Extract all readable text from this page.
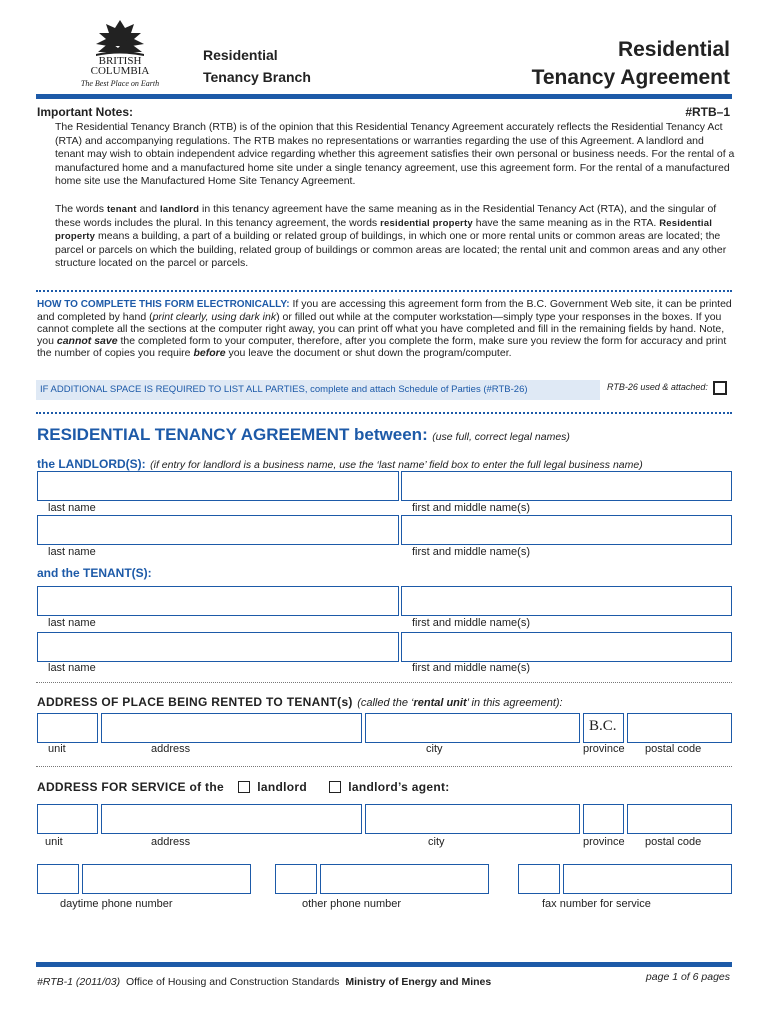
BRITISH
COLUMBIA
The Best Place on Earth
Residential
Tenancy Branch
Residential
Tenancy Agreement
Important Notes:	#RTB–1
The Residential Tenancy Branch (RTB) is of the opinion that this Residential Tenancy Agreement accurately reflects the Residential Tenancy Act (RTA) and accompanying regulations. The RTB makes no representations or warranties regarding the use of this Agreement. A landlord and tenant may wish to obtain independent advice regarding whether this agreement satisfies their own personal or business needs. For the rental of a manufactured home and a manufactured home site under a single tenancy agreement, use this agreement form. For the rental of a manufactured home site use the Manufactured Home Site Tenancy Agreement.
The words tenant and landlord in this tenancy agreement have the same meaning as in the Residential Tenancy Act (RTA), and the singular of these words includes the plural. In this tenancy agreement, the words residential property have the same meaning as in the RTA. Residential property means a building, a part of a building or related group of buildings, in which one or more rental units or common areas are located; the parcel or parcels on which the building, related group of buildings or common areas are located; the rental unit and common areas and any other structure located on the parcel or parcels.
HOW TO COMPLETE THIS FORM ELECTRONICALLY: If you are accessing this agreement form from the B.C. Government Web site, it can be printed and completed by hand (print clearly, using dark ink) or filled out while at the computer workstation—simply type your responses in the boxes. If you cannot complete all the sections at the computer right away, you can print off what you have completed and fill in the remaining fields by hand. Note, you cannot save the completed form to your computer, therefore, after you complete the form, make sure you review the form for accuracy and print the number of copies you require before you leave the document or shut down the program/computer.
IF ADDITIONAL SPACE IS REQUIRED TO LIST ALL PARTIES, complete and attach Schedule of Parties (#RTB-26)	RTB-26 used & attached:
RESIDENTIAL TENANCY AGREEMENT between: (use full, correct legal names)
the LANDLORD(S): (if entry for landlord is a business name, use the ‘last name’ field box to enter the full legal business name)
last name	first and middle name(s)
last name	first and middle name(s)
and the TENANT(S):
last name	first and middle name(s)
last name	first and middle name(s)
ADDRESS OF PLACE BEING RENTED TO TENANT(s) (called the ‘rental unit’ in this agreement):
B.C.
unit	address	city	province postal code
ADDRESS FOR SERVICE of the	landlord	landlord’s agent:
unit	address	city	province postal code
daytime phone number	other phone number	fax number for service
#RTB-1 (2011/03) Office of Housing and Construction Standards Ministry of Energy and Mines	page 1 of 6 pages
